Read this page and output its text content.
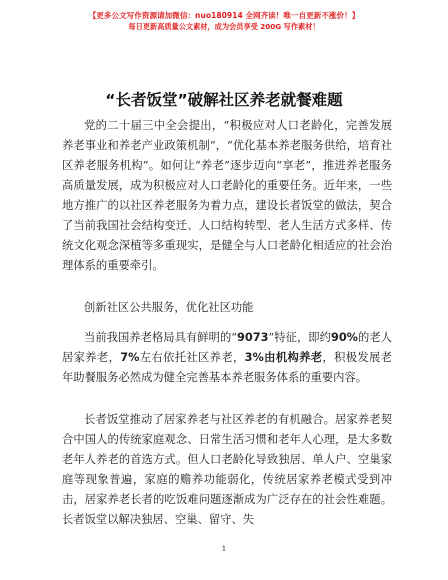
【更多公文写作资源请加微信：nuo180914 全网齐读！唯一自更新不涨价！】
每日更新高质量公文素材，成为会员享受 200G 写作素材！
“长者饭堂”破解社区养老就餐难题

党的二十届三中全会提出，“积极应对人口老龄化，完善发展养老事业和养老产业政策机制”，“优化基本养老服务供给，培育社区养老服务机构”。如何让“养老”逐步迈向“享老”，推进养老服务高质量发展，成为积极应对人口老龄化的重要任务。近年来，一些地方推广的以社区养老服务为着力点，建设长者饭堂的做法，契合了当前我国社会结构变迁、人口结构转型、老人生活方式多样、传统文化观念深植等多重现实，是健全与人口老龄化相适应的社会治理体系的重要牵引。

创新社区公共服务，优化社区功能

当前我国养老格局具有鲜明的“9073”特征，即约90%的老人居家养老，7%左右依托社区养老，3%由机构养老，积极发展老年助餐服务必然成为健全完善基本养老服务体系的重要内容。

长者饭堂推动了居家养老与社区养老的有机融合。居家养老契合中国人的传统家庭观念、日常生活习惯和老年人心理，是大多数老年人养老的首选方式。但人口老龄化导致独居、单人户、空巢家庭等现象普遍，家庭的赡养功能弱化，传统居家养老模式受到冲击，居家养老长者的吃饭难问题逐渐成为广泛存在的社会性难题。长者饭堂以解决独居、空巢、留守、失

1
